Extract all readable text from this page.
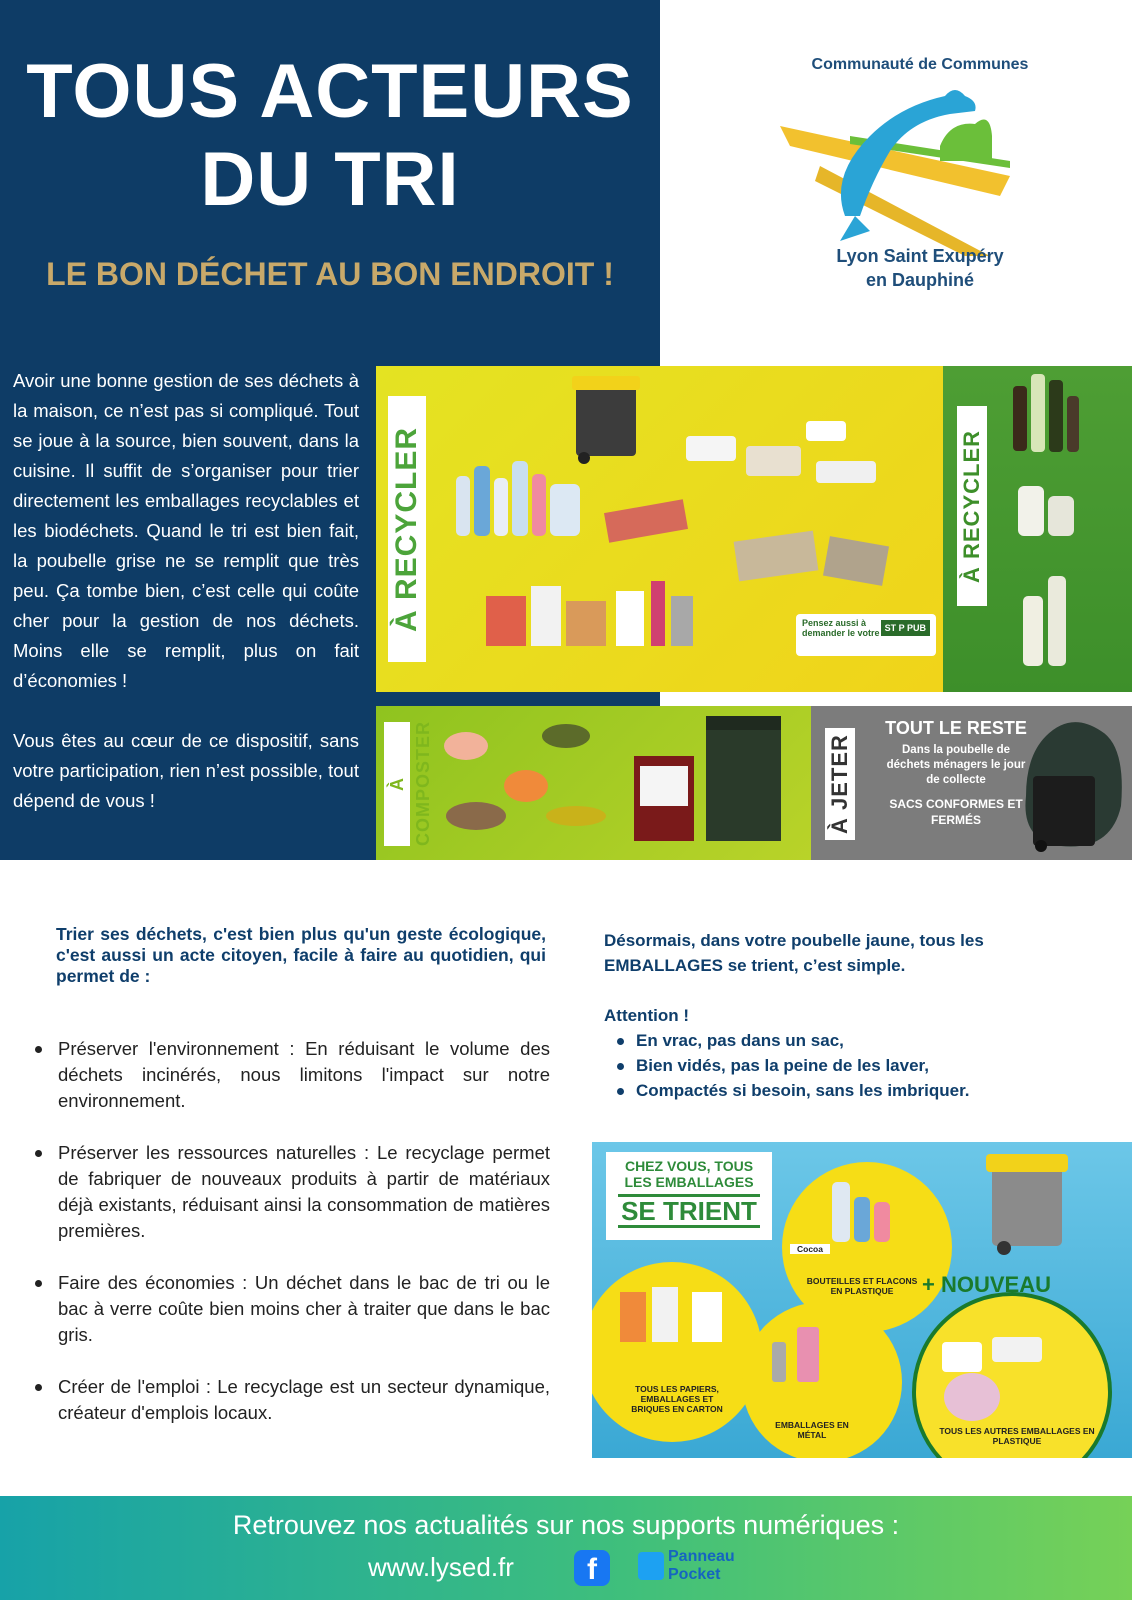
TOUS ACTEURS
DU TRI
LE BON DÉCHET AU BON ENDROIT !

Avoir une bonne gestion de ses déchets à la maison, ce n’est pas si compliqué. Tout se joue à la source, bien souvent, dans la cuisine. Il suffit de s’organiser pour trier directement les emballages recyclables et les biodéchets. Quand le tri est bien fait, la poubelle grise ne se remplit que très peu. Ça tombe bien, c’est celle qui coûte cher pour la gestion de nos déchets. Moins elle se remplit, plus on fait d’économies !

Vous êtes au cœur de ce dispositif, sans votre participation, rien n’est possible, tout dépend de vous !

Communauté de Communes
Lyon Saint Exupéry
en Dauphiné
À RECYCLER	Pensez aussi à
demander le votre ST P PUB
À RECYCLER
À COMPOSTER	À JETER
TOUT LE RESTE
Dans la poubelle de déchets ménagers le jour de collecte
SACS CONFORMES ET FERMÉS
Trier ses déchets, c'est bien plus qu'un geste écologique, c'est aussi un acte citoyen, facile à faire au quotidien, qui permet de :
Préserver l'environnement : En réduisant le volume des déchets incinérés, nous limitons l'impact sur notre environnement.
Préserver les ressources naturelles : Le recyclage permet de fabriquer de nouveaux produits à partir de matériaux déjà existants, réduisant ainsi la consommation de matières premières.
Faire des économies : Un déchet dans le bac de tri ou le bac à verre coûte bien moins cher à traiter que dans le bac gris.
Créer de l'emploi : Le recyclage est un secteur dynamique, créateur d'emplois locaux.

Désormais, dans votre poubelle jaune, tous les EMBALLAGES se trient, c’est simple.

Attention !
En vrac, pas dans un sac,
Bien vidés, pas la peine de les laver,
Compactés si besoin, sans les imbriquer.
CHEZ VOUS, TOUS
LES EMBALLAGES
SE TRIENT
Cocoa
BOUTEILLES ET FLACONS EN PLASTIQUE
TOUS LES PAPIERS, EMBALLAGES ET BRIQUES EN CARTON
EMBALLAGES EN MÉTAL	TOUS LES AUTRES EMBALLAGES EN PLASTIQUE
+ NOUVEAU
Retrouvez nos actualités sur nos supports numériques :
www.lysed.fr	f	Panneau
Pocket
